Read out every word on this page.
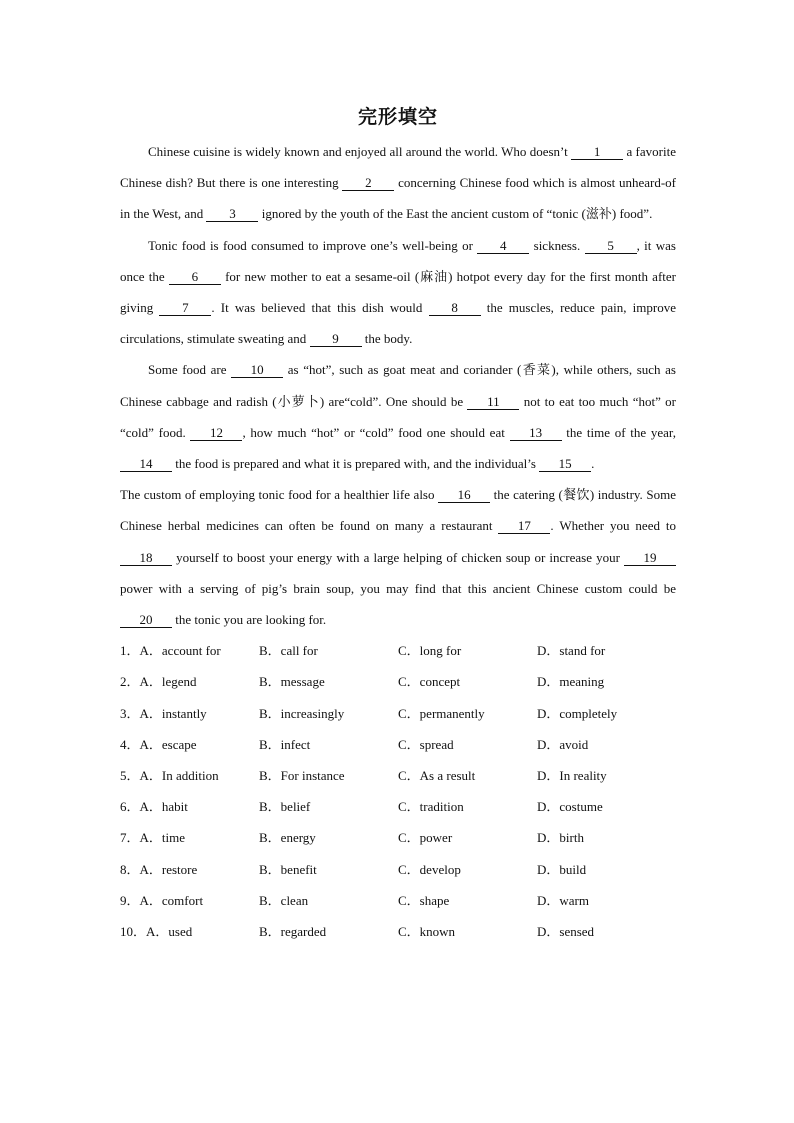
完形填空

Chinese cuisine is widely known and enjoyed all around the world. Who doesn’t 1 a favorite Chinese dish? But there is one interesting 2 concerning Chinese food which is almost unheard-of in the West, and 3 ignored by the youth of the East the ancient custom of “tonic (滋补) food”.

Tonic food is food consumed to improve one’s well-being or 4 sickness. 5 , it was once the 6 for new mother to eat a sesame-oil (麻油) hotpot every day for the first month after giving 7 . It was believed that this dish would 8 the muscles, reduce pain, improve circulations, stimulate sweating and 9 the body.

Some food are 10 as “hot”, such as goat meat and coriander (香菜), while others, such as Chinese cabbage and radish (小萝卜) are“cold”. One should be 11 not to eat too much “hot” or “cold” food. 12 , how much “hot” or “cold” food one should eat 13 the time of the year, 14 the food is prepared and what it is prepared with, and the individual’s 15 .

The custom of employing tonic food for a healthier life also 16 the catering (餐饮) industry. Some Chinese herbal medicines can often be found on many a restaurant 17 . Whether you need to 18 yourself to boost your energy with a large helping of chicken soup or increase your 19 power with a serving of pig’s brain soup, you may find that this ancient Chinese custom could be 20 the tonic you are looking for.

1．A．account for	B．call for	C．long for	D．stand for
2．A．legend	B．message	C．concept	D．meaning
3．A．instantly	B．increasingly	C．permanently	D．completely
4．A．escape	B．infect	C．spread	D．avoid
5．A．In addition	B．For instance	C．As a result	D．In reality
6．A．habit	B．belief	C．tradition	D．costume
7．A．time	B．energy	C．power	D．birth
8．A．restore	B．benefit	C．develop	D．build
9．A．comfort	B．clean	C．shape	D．warm
10．A．used	B．regarded	C．known	D．sensed
